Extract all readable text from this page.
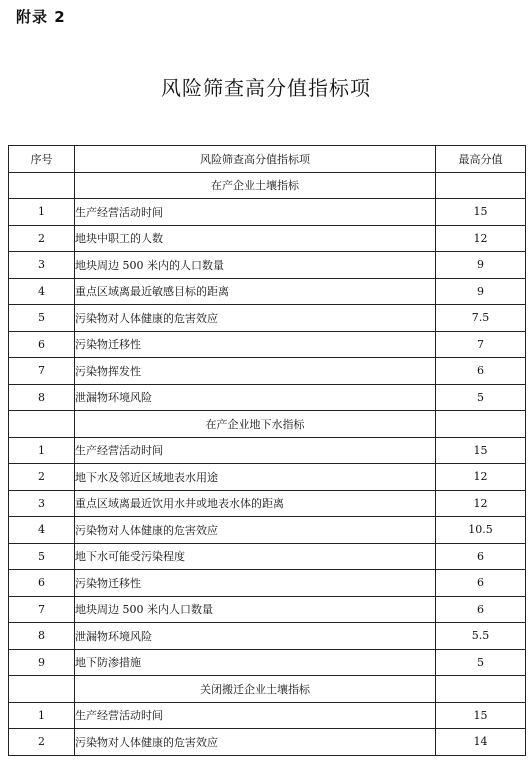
附录 2
风险筛查高分值指标项
序号	风险筛查高分值指标项	最高分值
	在产企业土壤指标	
1	生产经营活动时间	15
2	地块中职工的人数	12
3	地块周边 500 米内的人口数量	9
4	重点区域离最近敏感目标的距离	9
5	污染物对人体健康的危害效应	7.5
6	污染物迁移性	7
7	污染物挥发性	6
8	泄漏物环境风险	5
	在产企业地下水指标	
1	生产经营活动时间	15
2	地下水及邻近区域地表水用途	12
3	重点区域离最近饮用水井或地表水体的距离	12
4	污染物对人体健康的危害效应	10.5
5	地下水可能受污染程度	6
6	污染物迁移性	6
7	地块周边 500 米内人口数量	6
8	泄漏物环境风险	5.5
9	地下防渗措施	5
	关闭搬迁企业土壤指标	
1	生产经营活动时间	15
2	污染物对人体健康的危害效应	14
